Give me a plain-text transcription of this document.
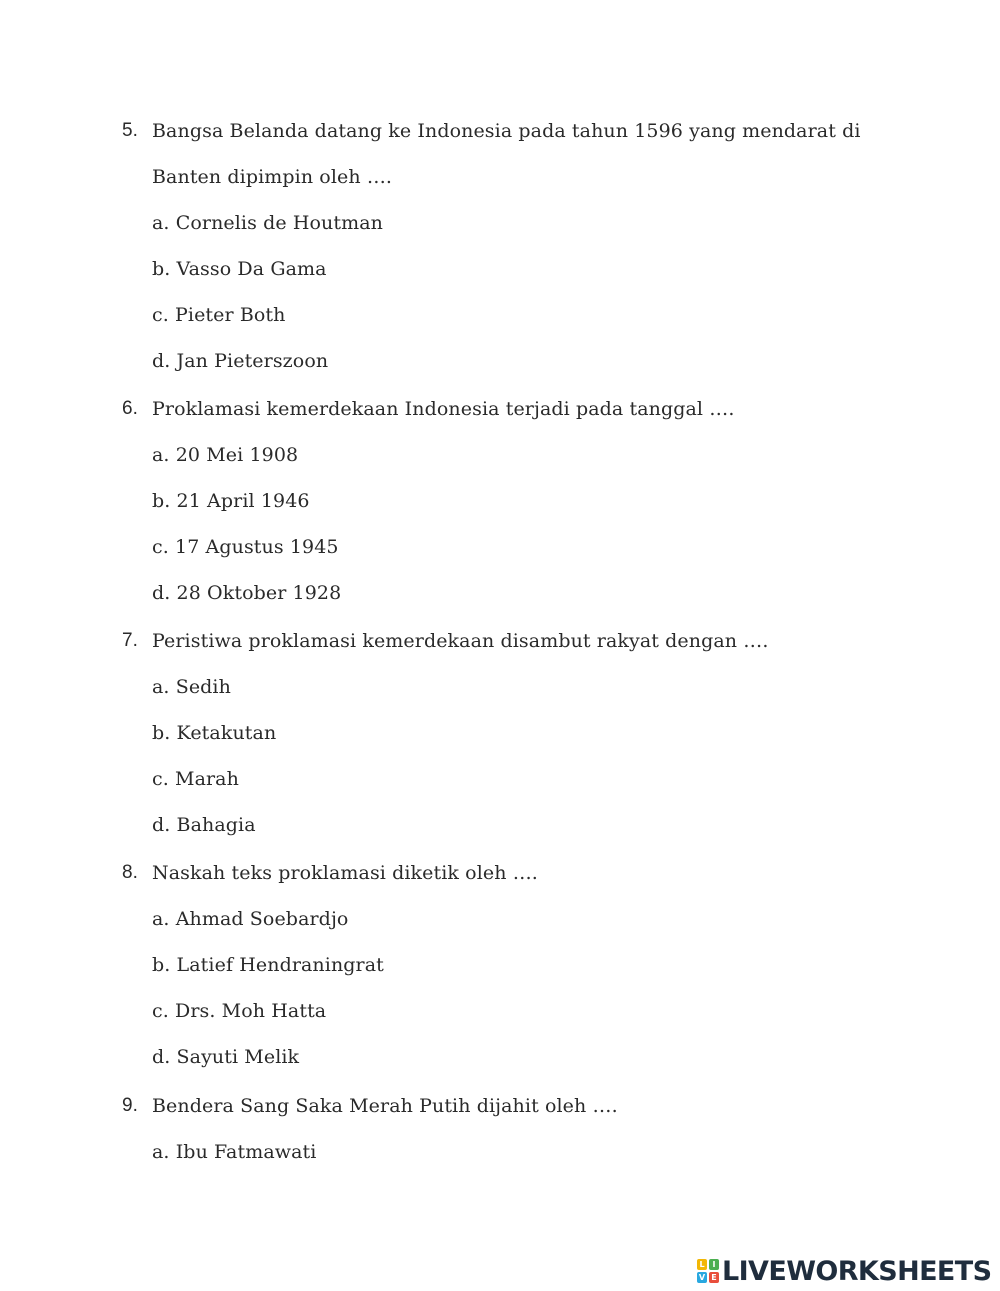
5. Bangsa Belanda datang ke Indonesia pada tahun 1596 yang mendarat di
Banten dipimpin oleh ….
a. Cornelis de Houtman
b. Vasso Da Gama
c. Pieter Both
d. Jan Pieterszoon
6. Proklamasi kemerdekaan Indonesia terjadi pada tanggal ….
a. 20 Mei 1908
b. 21 April 1946
c. 17 Agustus 1945
d. 28 Oktober 1928
7. Peristiwa proklamasi kemerdekaan disambut rakyat dengan ….
a. Sedih
b. Ketakutan
c. Marah
d. Bahagia
8. Naskah teks proklamasi diketik oleh ….
a. Ahmad Soebardjo
b. Latief Hendraningrat
c. Drs. Moh Hatta
d. Sayuti Melik
9. Bendera Sang Saka Merah Putih dijahit oleh ….
a. Ibu Fatmawati
L I
V E LIVEWORKSHEETS
